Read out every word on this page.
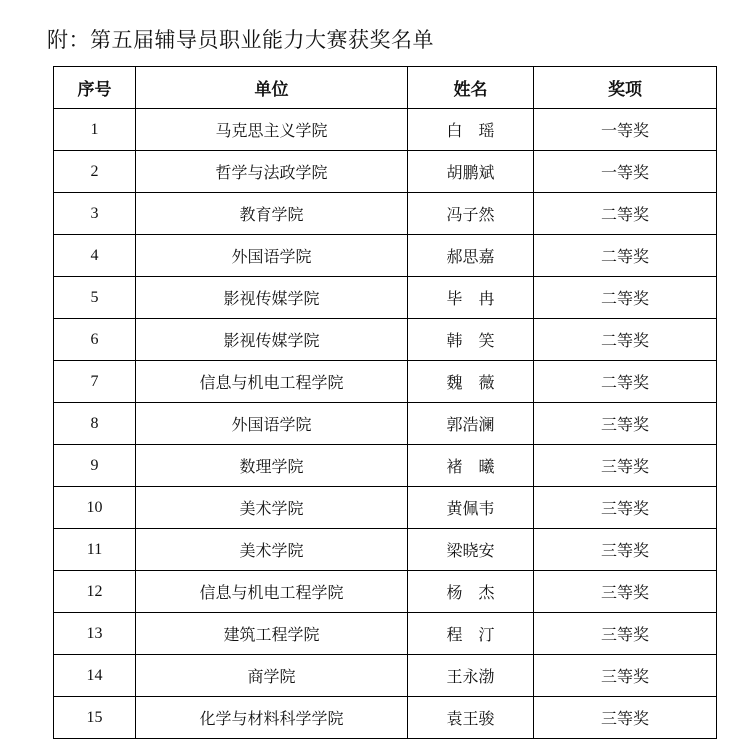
附：第五届辅导员职业能力大赛获奖名单
序号	单位	姓名	奖项
1	马克思主义学院	白　瑶	一等奖
2	哲学与法政学院	胡鹏斌	一等奖
3	教育学院	冯子然	二等奖
4	外国语学院	郝思嘉	二等奖
5	影视传媒学院	毕　冉	二等奖
6	影视传媒学院	韩　笑	二等奖
7	信息与机电工程学院	魏　薇	二等奖
8	外国语学院	郭浩澜	三等奖
9	数理学院	褚　曦	三等奖
10	美术学院	黄佩韦	三等奖
11	美术学院	梁晓安	三等奖
12	信息与机电工程学院	杨　杰	三等奖
13	建筑工程学院	程　汀	三等奖
14	商学院	王永渤	三等奖
15	化学与材料科学学院	袁王骏	三等奖
